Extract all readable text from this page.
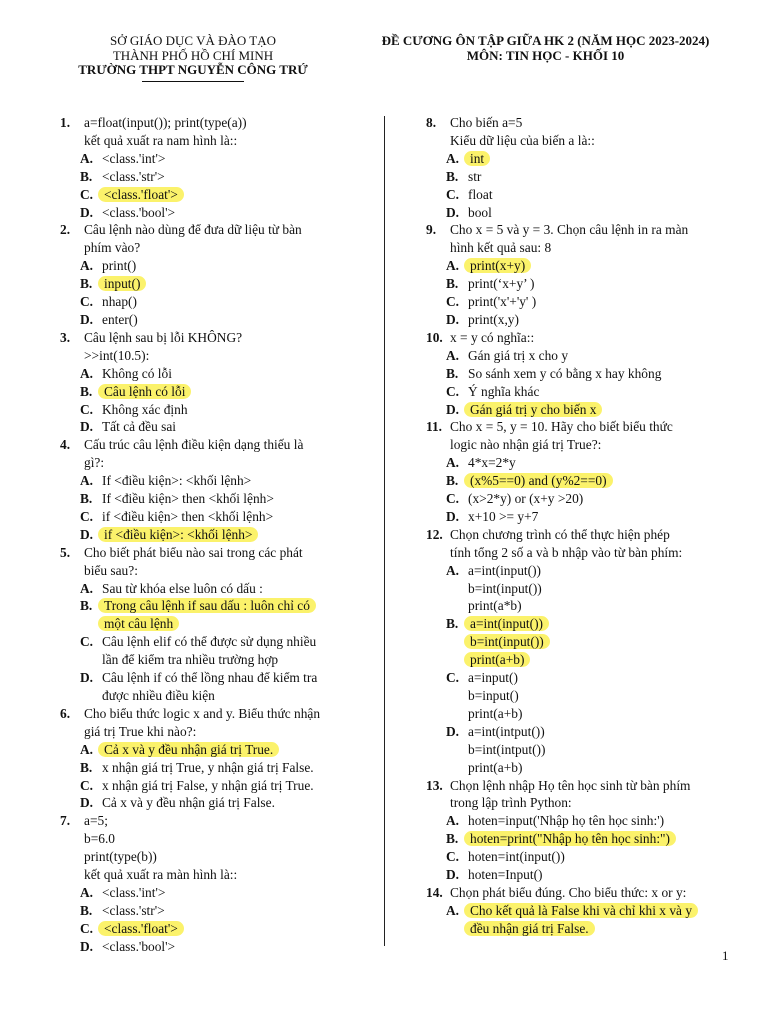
SỞ GIÁO DỤC VÀ ĐÀO TẠO
THÀNH PHỐ HỒ CHÍ MINH
TRƯỜNG THPT NGUYỄN CÔNG TRỨ
ĐỀ CƯƠNG ÔN TẬP GIỮA HK 2 (NĂM HỌC 2023-2024)
MÔN: TIN HỌC - KHỐI 10
1. a=float(input()); print(type(a))
kết quả xuất ra nam hình là::
A. <class.'int'>
B. <class.'str'>
C. <class.'float'>
D. <class.'bool'>
2. Câu lệnh nào dùng để đưa dữ liệu từ bàn
phím vào?
A. print()
B. input()
C. nhap()
D. enter()
3. Câu lệnh sau bị lỗi KHÔNG?
>>int(10.5):
A. Không có lỗi
B. Câu lệnh có lỗi
C. Không xác định
D. Tất cả đều sai
4. Cấu trúc câu lệnh điều kiện dạng thiếu là
gì?:
A. If <điều kiện>: <khối lệnh>
B. If <điều kiện> then <khối lệnh>
C. if <điều kiện> then <khối lệnh>
D. if <điều kiện>: <khối lệnh>
5. Cho biết phát biểu nào sai trong các phát
biểu sau?:
A. Sau từ khóa else luôn có dấu :
B. Trong câu lệnh if sau dấu : luôn chỉ có
một câu lệnh
C. Câu lệnh elif có thể được sử dụng nhiều
lần để kiểm tra nhiều trường hợp
D. Câu lệnh if có thể lồng nhau để kiểm tra
được nhiều điều kiện
6. Cho biểu thức logic x and y. Biểu thức nhận
giá trị True khi nào?:
A. Cả x và y đều nhận giá trị True.
B. x nhận giá trị True, y nhận giá trị False.
C. x nhận giá trị False, y nhận giá trị True.
D. Cả x và y đều nhận giá trị False.
7. a=5;
b=6.0
print(type(b))
kết quả xuất ra màn hình là::
A. <class.'int'>
B. <class.'str'>
C. <class.'float'>
D. <class.'bool'>
8. Cho biến a=5
Kiểu dữ liệu của biến a là::
A. int
B. str
C. float
D. bool
9. Cho x = 5 và y = 3. Chọn câu lệnh in ra màn
hình kết quả sau: 8
A. print(x+y)
B. print(‘x+y’ )
C. print('x'+'y' )
D. print(x,y)
10. x = y có nghĩa::
A. Gán giá trị x cho y
B. So sánh xem y có bằng x hay không
C. Ý nghĩa khác
D. Gán giá trị y cho biến x
11. Cho x = 5, y = 10. Hãy cho biết biểu thức
logic nào nhận giá trị True?:
A. 4*x=2*y
B. (x%5==0) and (y%2==0)
C. (x>2*y) or (x+y >20)
D. x+10 >= y+7
12. Chọn chương trình có thể thực hiện phép
tính tổng 2 số a và b nhập vào từ bàn phím:
A. a=int(input())
b=int(input())
print(a*b)
B. a=int(input())
b=int(input())
print(a+b)
C. a=input()
b=input()
print(a+b)
D. a=int(intput())
b=int(intput())
print(a+b)
13. Chọn lệnh nhập Họ tên học sinh từ bàn phím
trong lập trình Python:
A. hoten=input('Nhập họ tên học sinh:')
B. hoten=print("Nhập họ tên học sinh:")
C. hoten=int(input())
D. hoten=Input()
14. Chọn phát biểu đúng. Cho biểu thức: x or y:
A. Cho kết quả là False khi và chỉ khi x và y
đều nhận giá trị False.
1
